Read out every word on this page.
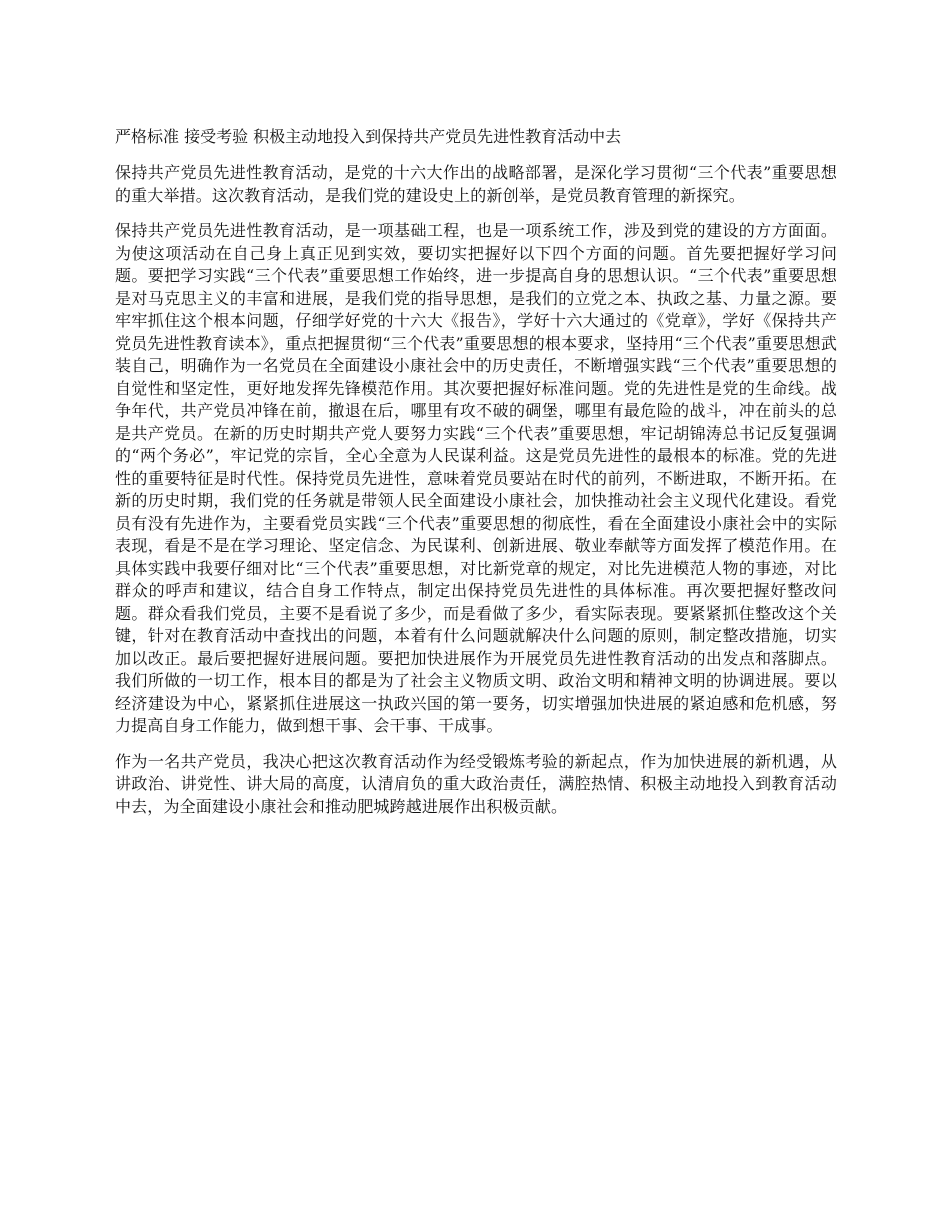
严格标准 接受考验 积极主动地投入到保持共产党员先进性教育活动中去

保持共产党员先进性教育活动，是党的十六大作出的战略部署，是深化学习贯彻“三个代表”重要思想的重大举措。这次教育活动，是我们党的建设史上的新创举，是党员教育管理的新探究。

保持共产党员先进性教育活动，是一项基础工程，也是一项系统工作，涉及到党的建设的方方面面。为使这项活动在自己身上真正见到实效，要切实把握好以下四个方面的问题。首先要把握好学习问题。要把学习实践“三个代表”重要思想工作始终，进一步提高自身的思想认识。“三个代表”重要思想是对马克思主义的丰富和进展，是我们党的指导思想，是我们的立党之本、执政之基、力量之源。要牢牢抓住这个根本问题，仔细学好党的十六大《报告》，学好十六大通过的《党章》，学好《保持共产党员先进性教育读本》，重点把握贯彻“三个代表”重要思想的根本要求，坚持用“三个代表”重要思想武装自己，明确作为一名党员在全面建设小康社会中的历史责任，不断增强实践“三个代表”重要思想的自觉性和坚定性，更好地发挥先锋模范作用。其次要把握好标准问题。党的先进性是党的生命线。战争年代，共产党员冲锋在前，撤退在后，哪里有攻不破的碉堡，哪里有最危险的战斗，冲在前头的总是共产党员。在新的历史时期共产党人要努力实践“三个代表”重要思想，牢记胡锦涛总书记反复强调的“两个务必”，牢记党的宗旨，全心全意为人民谋利益。这是党员先进性的最根本的标准。党的先进性的重要特征是时代性。保持党员先进性，意味着党员要站在时代的前列，不断进取，不断开拓。在新的历史时期，我们党的任务就是带领人民全面建设小康社会，加快推动社会主义现代化建设。看党员有没有先进作为，主要看党员实践“三个代表”重要思想的彻底性，看在全面建设小康社会中的实际表现，看是不是在学习理论、坚定信念、为民谋利、创新进展、敬业奉献等方面发挥了模范作用。在具体实践中我要仔细对比“三个代表”重要思想，对比新党章的规定，对比先进模范人物的事迹，对比群众的呼声和建议，结合自身工作特点，制定出保持党员先进性的具体标准。再次要把握好整改问题。群众看我们党员，主要不是看说了多少，而是看做了多少，看实际表现。要紧紧抓住整改这个关键，针对在教育活动中查找出的问题，本着有什么问题就解决什么问题的原则，制定整改措施，切实加以改正。最后要把握好进展问题。要把加快进展作为开展党员先进性教育活动的出发点和落脚点。我们所做的一切工作，根本目的都是为了社会主义物质文明、政治文明和精神文明的协调进展。要以经济建设为中心，紧紧抓住进展这一执政兴国的第一要务，切实增强加快进展的紧迫感和危机感，努力提高自身工作能力，做到想干事、会干事、干成事。

作为一名共产党员，我决心把这次教育活动作为经受锻炼考验的新起点，作为加快进展的新机遇，从讲政治、讲党性、讲大局的高度，认清肩负的重大政治责任，满腔热情、积极主动地投入到教育活动中去，为全面建设小康社会和推动肥城跨越进展作出积极贡献。
